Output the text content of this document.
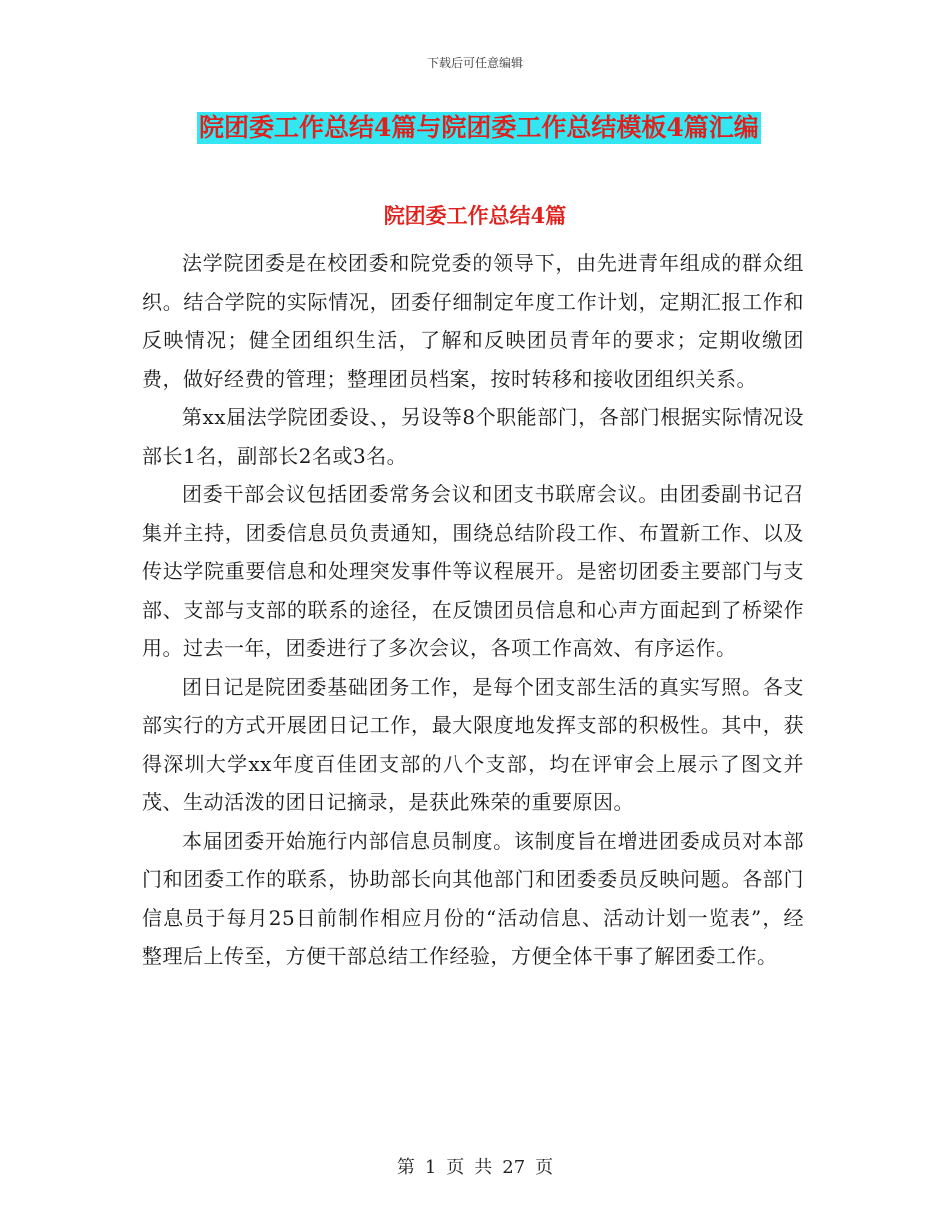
下载后可任意编辑
院团委工作总结4篇与院团委工作总结模板4篇汇编
院团委工作总结4篇

法学院团委是在校团委和院党委的领导下，由先进青年组成的群众组织。结合学院的实际情况，团委仔细制定年度工作计划，定期汇报工作和反映情况；健全团组织生活，了解和反映团员青年的要求；定期收缴团费，做好经费的管理；整理团员档案，按时转移和接收团组织关系。

第xx届法学院团委设、，另设等8个职能部门，各部门根据实际情况设部长1名，副部长2名或3名。

团委干部会议包括团委常务会议和团支书联席会议。由团委副书记召集并主持，团委信息员负责通知，围绕总结阶段工作、布置新工作、以及传达学院重要信息和处理突发事件等议程展开。是密切团委主要部门与支部、支部与支部的联系的途径，在反馈团员信息和心声方面起到了桥梁作用。过去一年，团委进行了多次会议，各项工作高效、有序运作。

团日记是院团委基础团务工作，是每个团支部生活的真实写照。各支部实行的方式开展团日记工作，最大限度地发挥支部的积极性。其中，获得深圳大学xx年度百佳团支部的八个支部，均在评审会上展示了图文并茂、生动活泼的团日记摘录，是获此殊荣的重要原因。

本届团委开始施行内部信息员制度。该制度旨在增进团委成员对本部门和团委工作的联系，协助部长向其他部门和团委委员反映问题。各部门信息员于每月25日前制作相应月份的“活动信息、活动计划一览表”，经整理后上传至，方便干部总结工作经验，方便全体干事了解团委工作。

第 1 页 共 27 页
